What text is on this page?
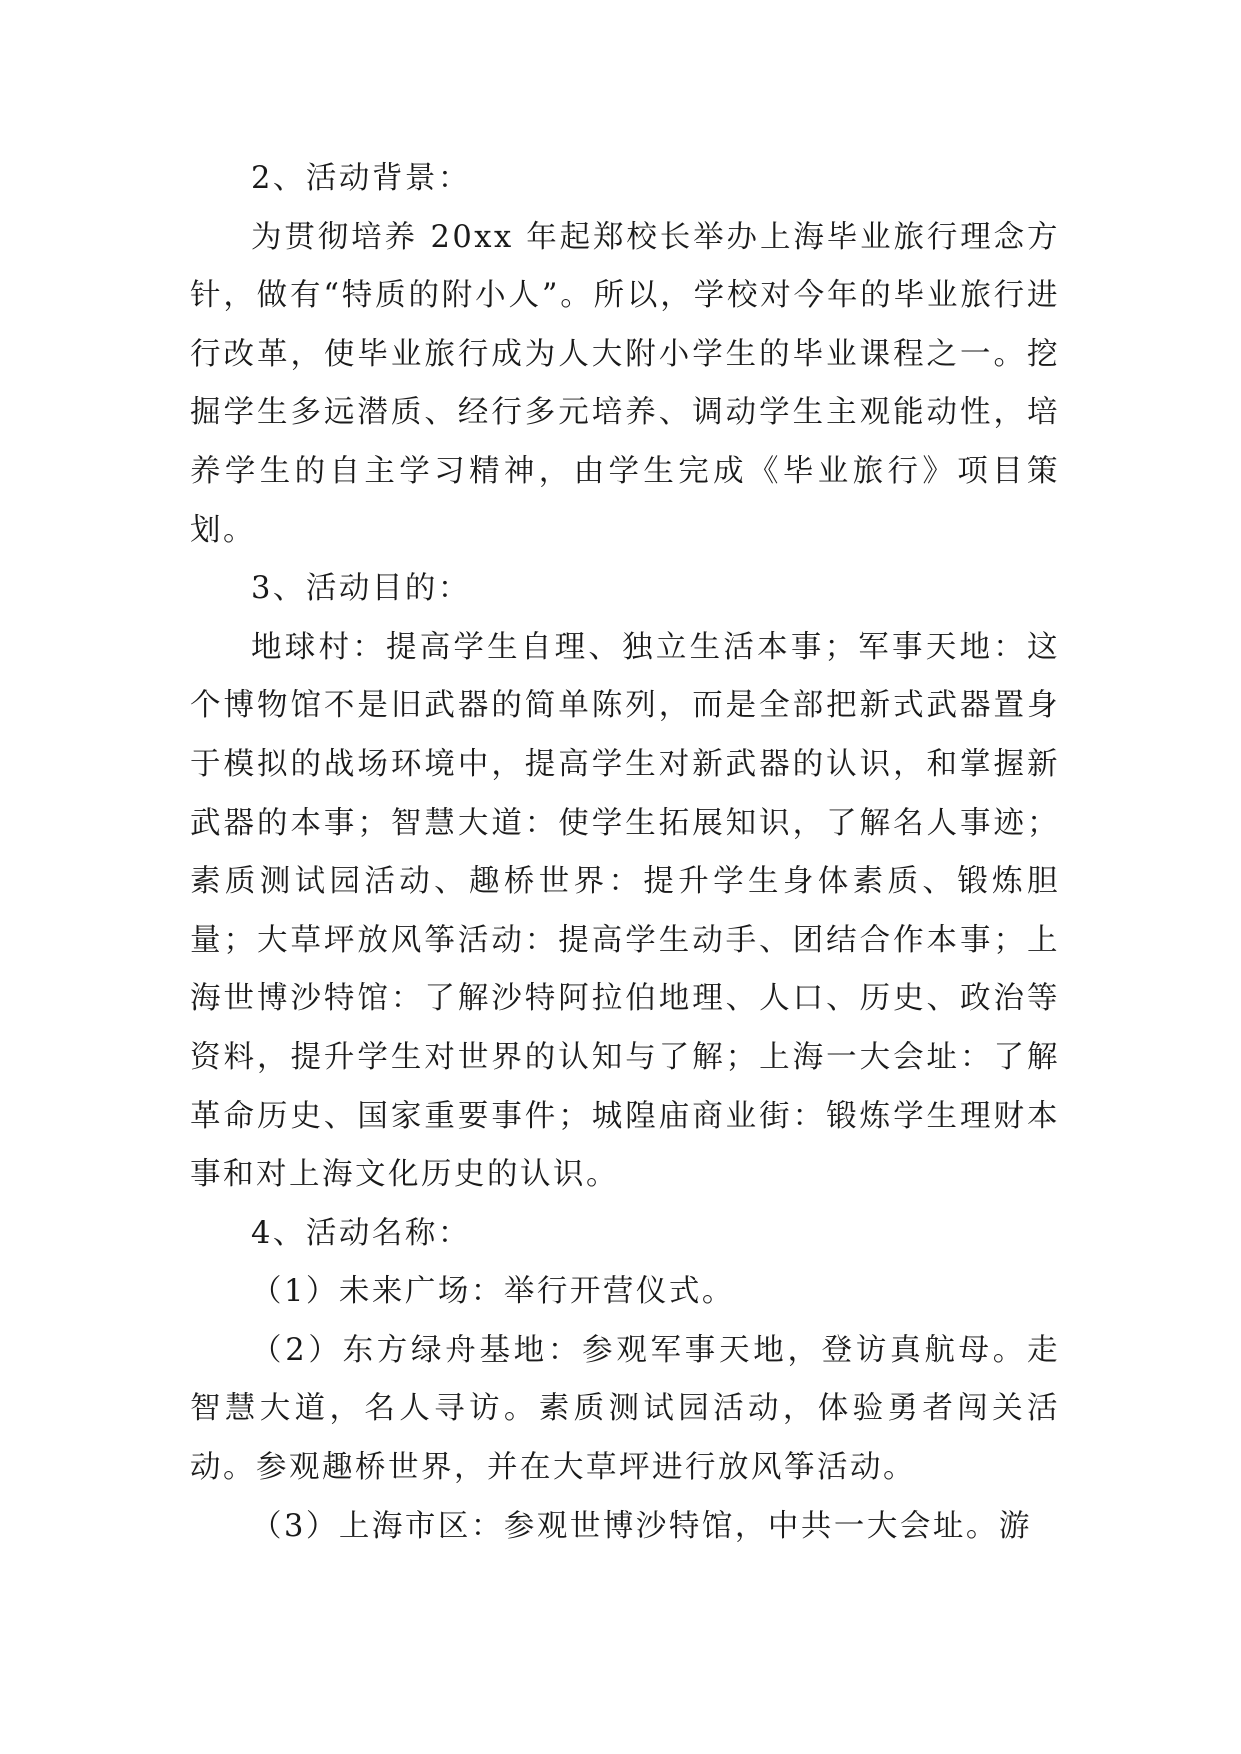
2、活动背景：

为贯彻培养 20xx 年起郑校长举办上海毕业旅行理念方针，做有“特质的附小人”。所以，学校对今年的毕业旅行进行改革，使毕业旅行成为人大附小学生的毕业课程之一。挖掘学生多远潜质、经行多元培养、调动学生主观能动性，培养学生的自主学习精神，由学生完成《毕业旅行》项目策划。

3、活动目的：

地球村：提高学生自理、独立生活本事；军事天地：这个博物馆不是旧武器的简单陈列，而是全部把新式武器置身于模拟的战场环境中，提高学生对新武器的认识，和掌握新武器的本事；智慧大道：使学生拓展知识，了解名人事迹；素质测试园活动、趣桥世界：提升学生身体素质、锻炼胆量；大草坪放风筝活动：提高学生动手、团结合作本事；上海世博沙特馆：了解沙特阿拉伯地理、人口、历史、政治等资料，提升学生对世界的认知与了解；上海一大会址：了解革命历史、国家重要事件；城隍庙商业街：锻炼学生理财本事和对上海文化历史的认识。

4、活动名称：

（1）未来广场：举行开营仪式。

（2）东方绿舟基地：参观军事天地，登访真航母。走智慧大道，名人寻访。素质测试园活动，体验勇者闯关活动。参观趣桥世界，并在大草坪进行放风筝活动。

（3）上海市区：参观世博沙特馆，中共一大会址。游
